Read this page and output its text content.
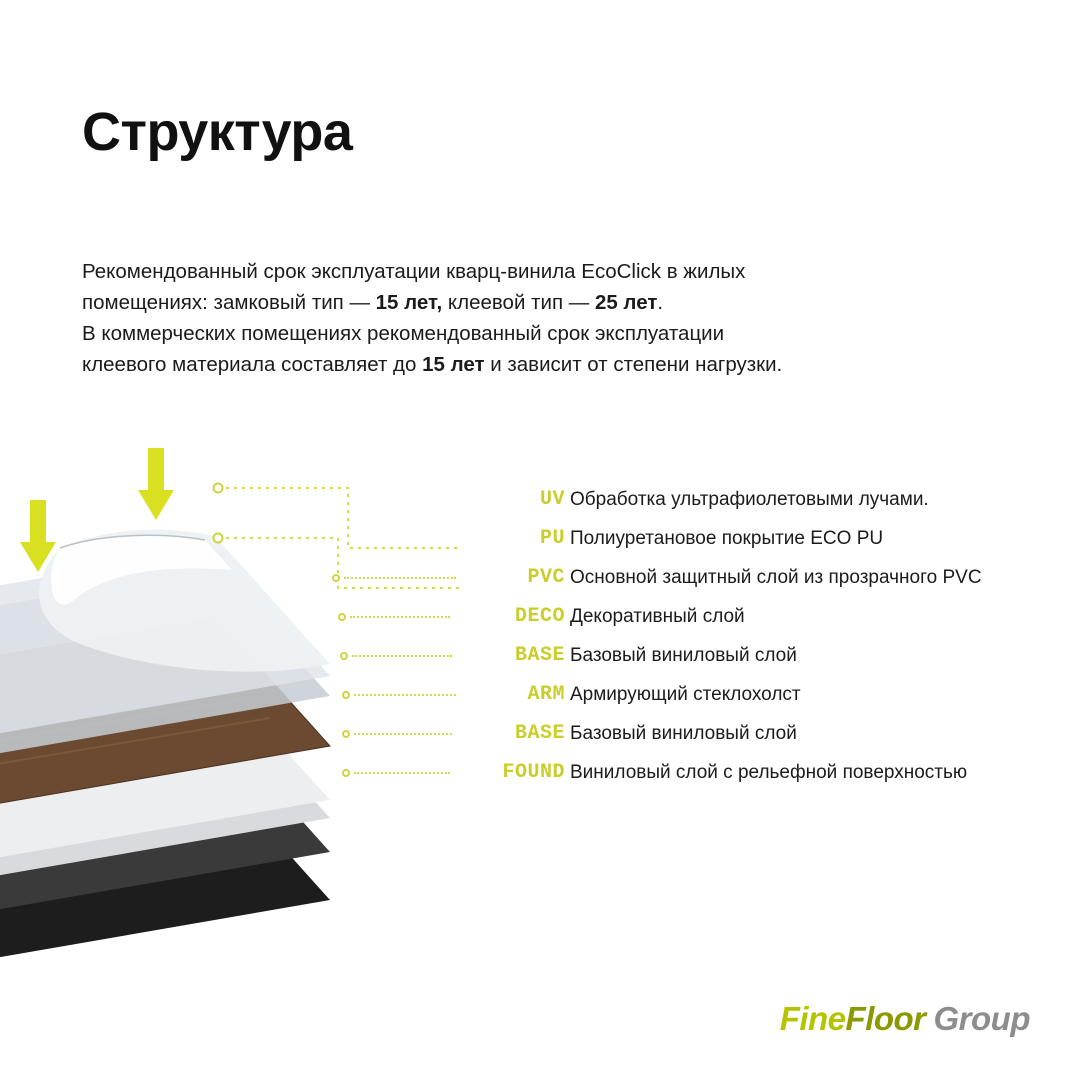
Структура
Рекомендованный срок эксплуатации кварц-винила EcoClick в жилых
помещениях: замковый тип — 15 лет, клеевой тип — 25 лет.
В коммерческих помещениях рекомендованный срок эксплуатации
клеевого материала составляет до 15 лет и зависит от степени нагрузки.
UV Обработка ультрафиолетовыми лучами.
PU Полиуретановое покрытие ECO PU
PVC Основной защитный слой из прозрачного PVC
DECO Декоративный слой
BASE Базовый виниловый слой
ARM Армирующий стеклохолст
BASE Базовый виниловый слой
FOUND Виниловый слой с рельефной поверхностью
FineFloor Group
